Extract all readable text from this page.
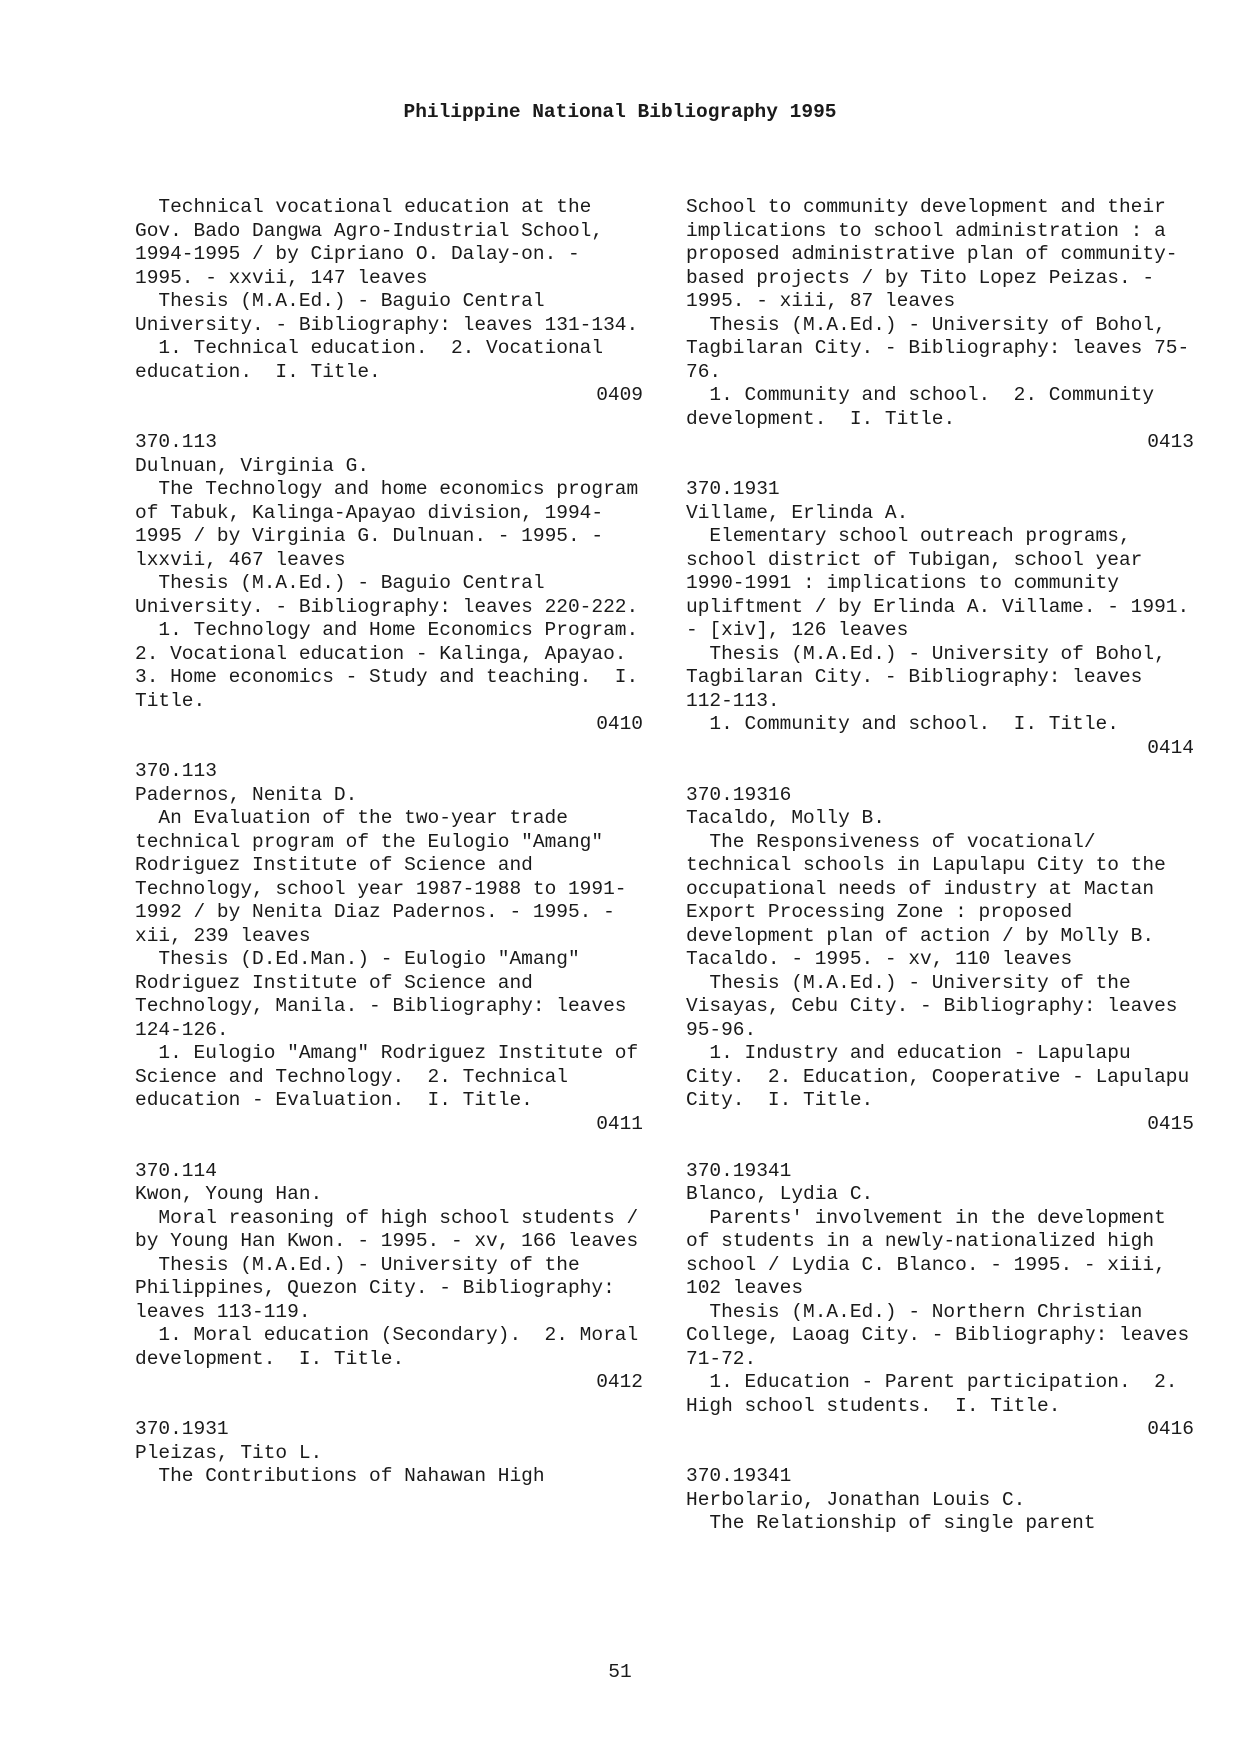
Philippine National Bibliography 1995

Technical vocational education at the Gov. Bado Dangwa Agro-Industrial School, 1994-1995 / by Cipriano O. Dalay-on. - 1995. - xxvii, 147 leaves

Thesis (M.A.Ed.) - Baguio Central University. - Bibliography: leaves 131-134.

1. Technical education.  2. Vocational education.  I. Title.

0409

370.113

Dulnuan, Virginia G.

The Technology and home economics program of Tabuk, Kalinga-Apayao division, 1994-1995 / by Virginia G. Dulnuan. - 1995. - lxxvii, 467 leaves

Thesis (M.A.Ed.) - Baguio Central University. - Bibliography: leaves 220-222.

1. Technology and Home Economics Program.  2. Vocational education - Kalinga, Apayao.  3. Home economics - Study and teaching.  I. Title.

0410

370.113

Padernos, Nenita D.

An Evaluation of the two-year trade technical program of the Eulogio "Amang" Rodriguez Institute of Science and Technology, school year 1987-1988 to 1991-1992 / by Nenita Diaz Padernos. - 1995. - xii, 239 leaves

Thesis (D.Ed.Man.) - Eulogio "Amang" Rodriguez Institute of Science and Technology, Manila. - Bibliography: leaves 124-126.

1. Eulogio "Amang" Rodriguez Institute of Science and Technology.  2. Technical education - Evaluation.  I. Title.

0411

370.114

Kwon, Young Han.

Moral reasoning of high school students / by Young Han Kwon. - 1995. - xv, 166 leaves

Thesis (M.A.Ed.) - University of the Philippines, Quezon City. - Bibliography: leaves 113-119.

1. Moral education (Secondary).  2. Moral development.  I. Title.

0412

370.1931

Pleizas, Tito L.

The Contributions of Nahawan High

School to community development and their implications to school administration : a proposed administrative plan of community-based projects / by Tito Lopez Peizas. - 1995. - xiii, 87 leaves

Thesis (M.A.Ed.) - University of Bohol, Tagbilaran City. - Bibliography: leaves 75-76.

1. Community and school.  2. Community development.  I. Title.

0413

370.1931

Villame, Erlinda A.

Elementary school outreach programs, school district of Tubigan, school year 1990-1991 : implications to community upliftment / by Erlinda A. Villame. - 1991. - [xiv], 126 leaves

Thesis (M.A.Ed.) - University of Bohol, Tagbilaran City. - Bibliography: leaves 112-113.

1. Community and school.  I. Title.

0414

370.19316

Tacaldo, Molly B.

The Responsiveness of vocational/ technical schools in Lapulapu City to the occupational needs of industry at Mactan Export Processing Zone : proposed development plan of action / by Molly B. Tacaldo. - 1995. - xv, 110 leaves

Thesis (M.A.Ed.) - University of the Visayas, Cebu City. - Bibliography: leaves 95-96.

1. Industry and education - Lapulapu City.  2. Education, Cooperative - Lapulapu City.  I. Title.

0415

370.19341

Blanco, Lydia C.

Parents' involvement in the development of students in a newly-nationalized high school / Lydia C. Blanco. - 1995. - xiii, 102 leaves

Thesis (M.A.Ed.) - Northern Christian College, Laoag City. - Bibliography: leaves 71-72.

1. Education - Parent participation.  2. High school students.  I. Title.

0416

370.19341

Herbolario, Jonathan Louis C.

The Relationship of single parent

51
